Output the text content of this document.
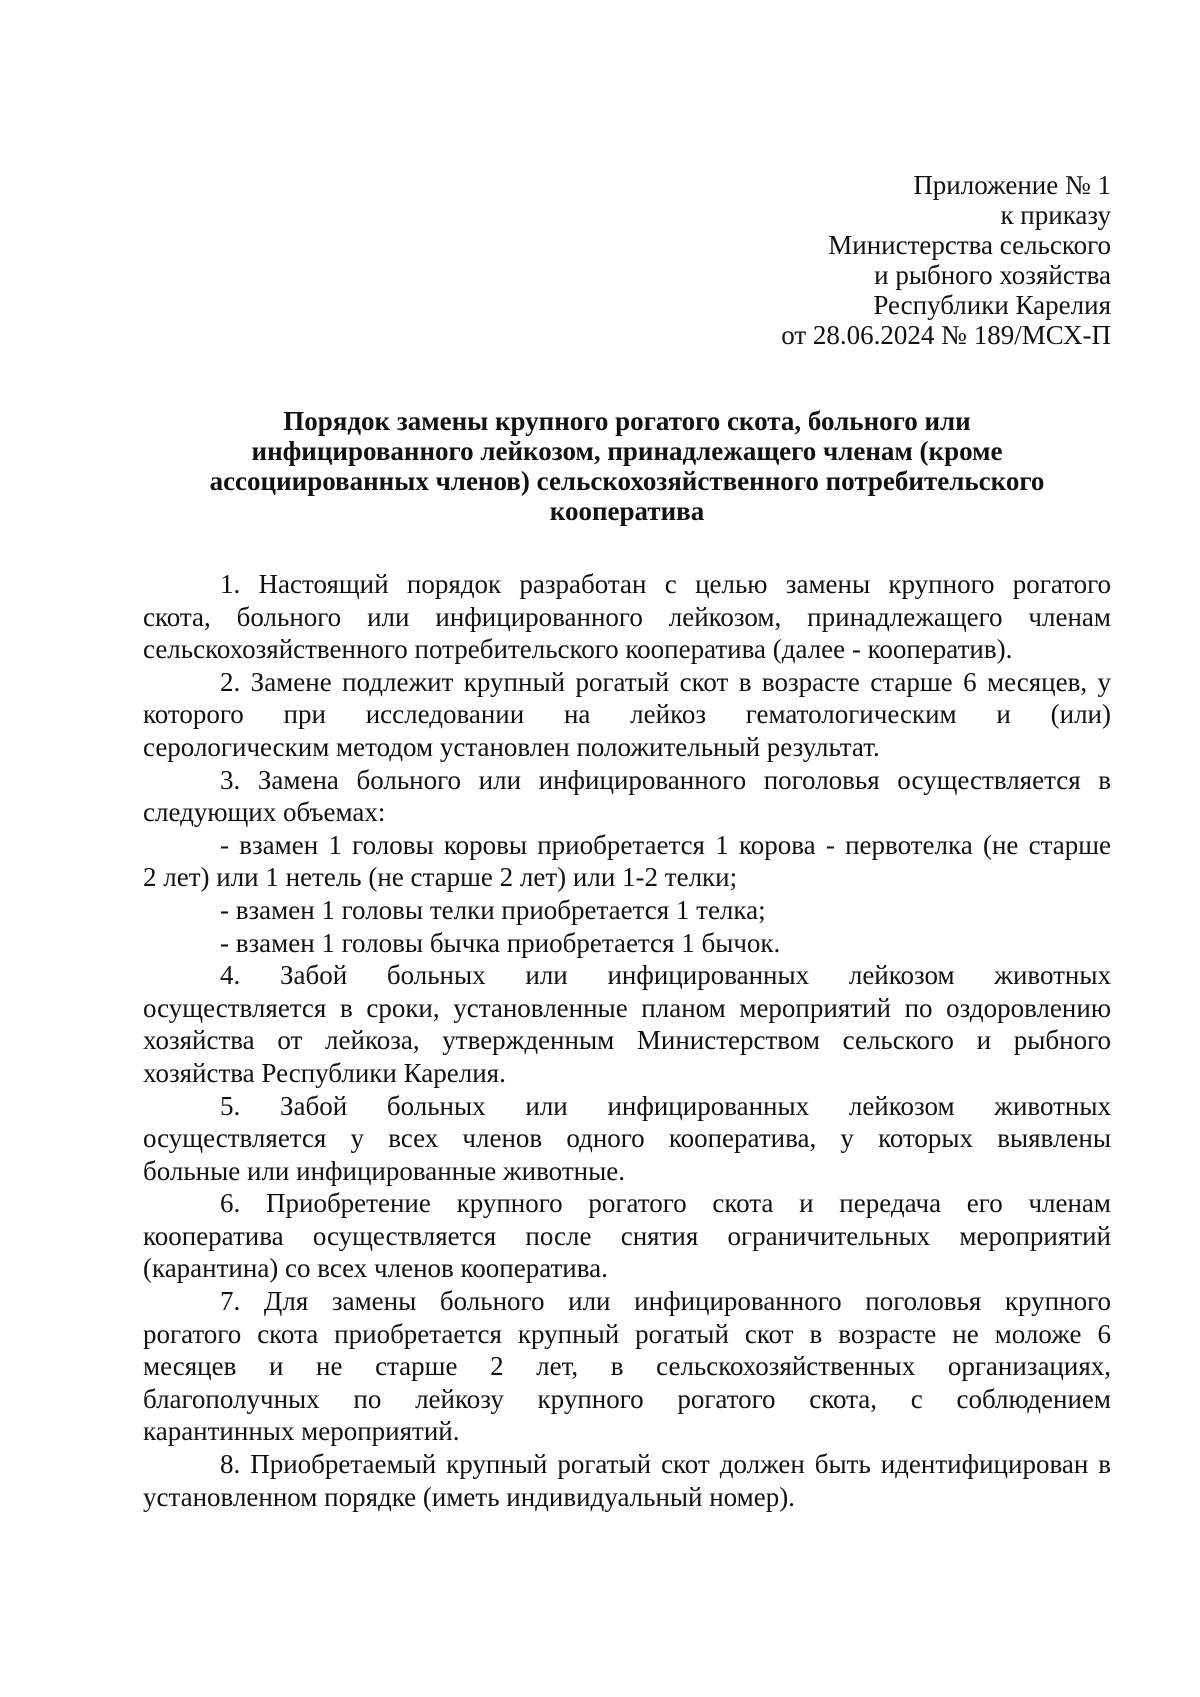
Приложение № 1
к приказу
Министерства сельского
и рыбного хозяйства
Республики Карелия
от 28.06.2024 № 189/МСХ-П
Порядок замены крупного рогатого скота, больного или
инфицированного лейкозом, принадлежащего членам (кроме
ассоциированных членов) сельскохозяйственного потребительского
кооператива
1. Настоящий порядок разработан с целью замены крупного рогатого
скота, больного или инфицированного лейкозом, принадлежащего членам
сельскохозяйственного потребительского кооператива (далее - кооператив).
2. Замене подлежит крупный рогатый скот в возрасте старше 6 месяцев, у
которого при исследовании на лейкоз гематологическим и (или)
серологическим методом установлен положительный результат.
3. Замена больного или инфицированного поголовья осуществляется в
следующих объемах:
- взамен 1 головы коровы приобретается 1 корова - первотелка (не старше
2 лет) или 1 нетель (не старше 2 лет) или 1-2 телки;
- взамен 1 головы телки приобретается 1 телка;
- взамен 1 головы бычка приобретается 1 бычок.
4. Забой больных или инфицированных лейкозом животных
осуществляется в сроки, установленные планом мероприятий по оздоровлению
хозяйства от лейкоза, утвержденным Министерством сельского и рыбного
хозяйства Республики Карелия.
5. Забой больных или инфицированных лейкозом животных
осуществляется у всех членов одного кооператива, у которых выявлены
больные или инфицированные животные.
6. Приобретение крупного рогатого скота и передача его членам
кооператива осуществляется после снятия ограничительных мероприятий
(карантина) со всех членов кооператива.
7. Для замены больного или инфицированного поголовья крупного
рогатого скота приобретается крупный рогатый скот в возрасте не моложе 6
месяцев и не старше 2 лет, в сельскохозяйственных организациях,
благополучных по лейкозу крупного рогатого скота, с соблюдением
карантинных мероприятий.
8. Приобретаемый крупный рогатый скот должен быть идентифицирован в
установленном порядке (иметь индивидуальный номер).
